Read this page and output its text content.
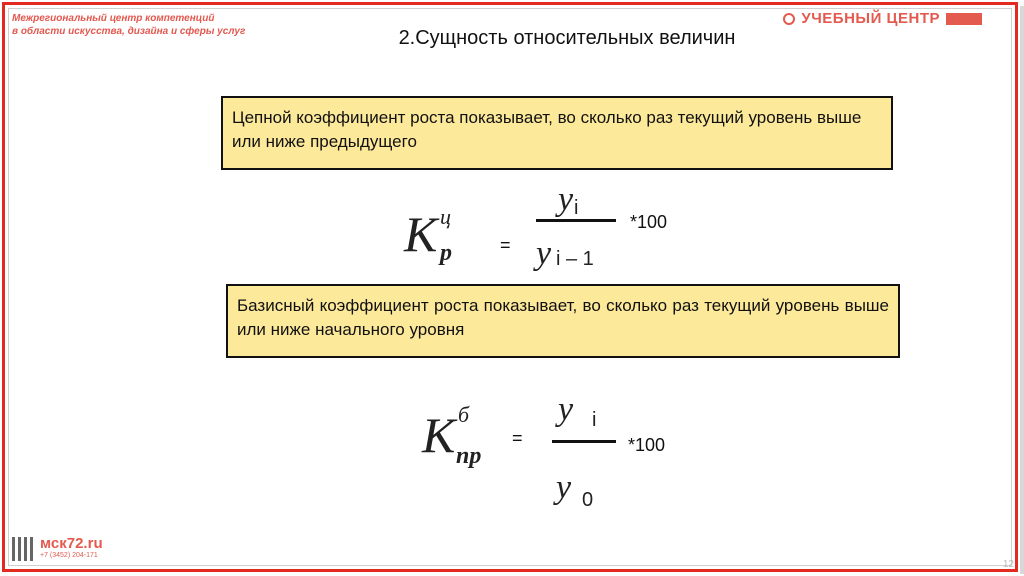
Межрегиональный центр компетенций
в области искусства, дизайна и сферы услуг
УЧЕБНЫЙ ЦЕНТР
2.Сущность относительных величин
Цепной коэффициент роста показывает, во сколько раз текущий уровень выше или ниже предыдущего
K ц
p	=
y i
y i – 1
*100

Базисный коэффициент роста показывает, во сколько раз текущий уровень выше или ниже начального уровня

K б
пр
=
y i
y 0
*100
мск72.ru
+7 (3452) 204-171
12
